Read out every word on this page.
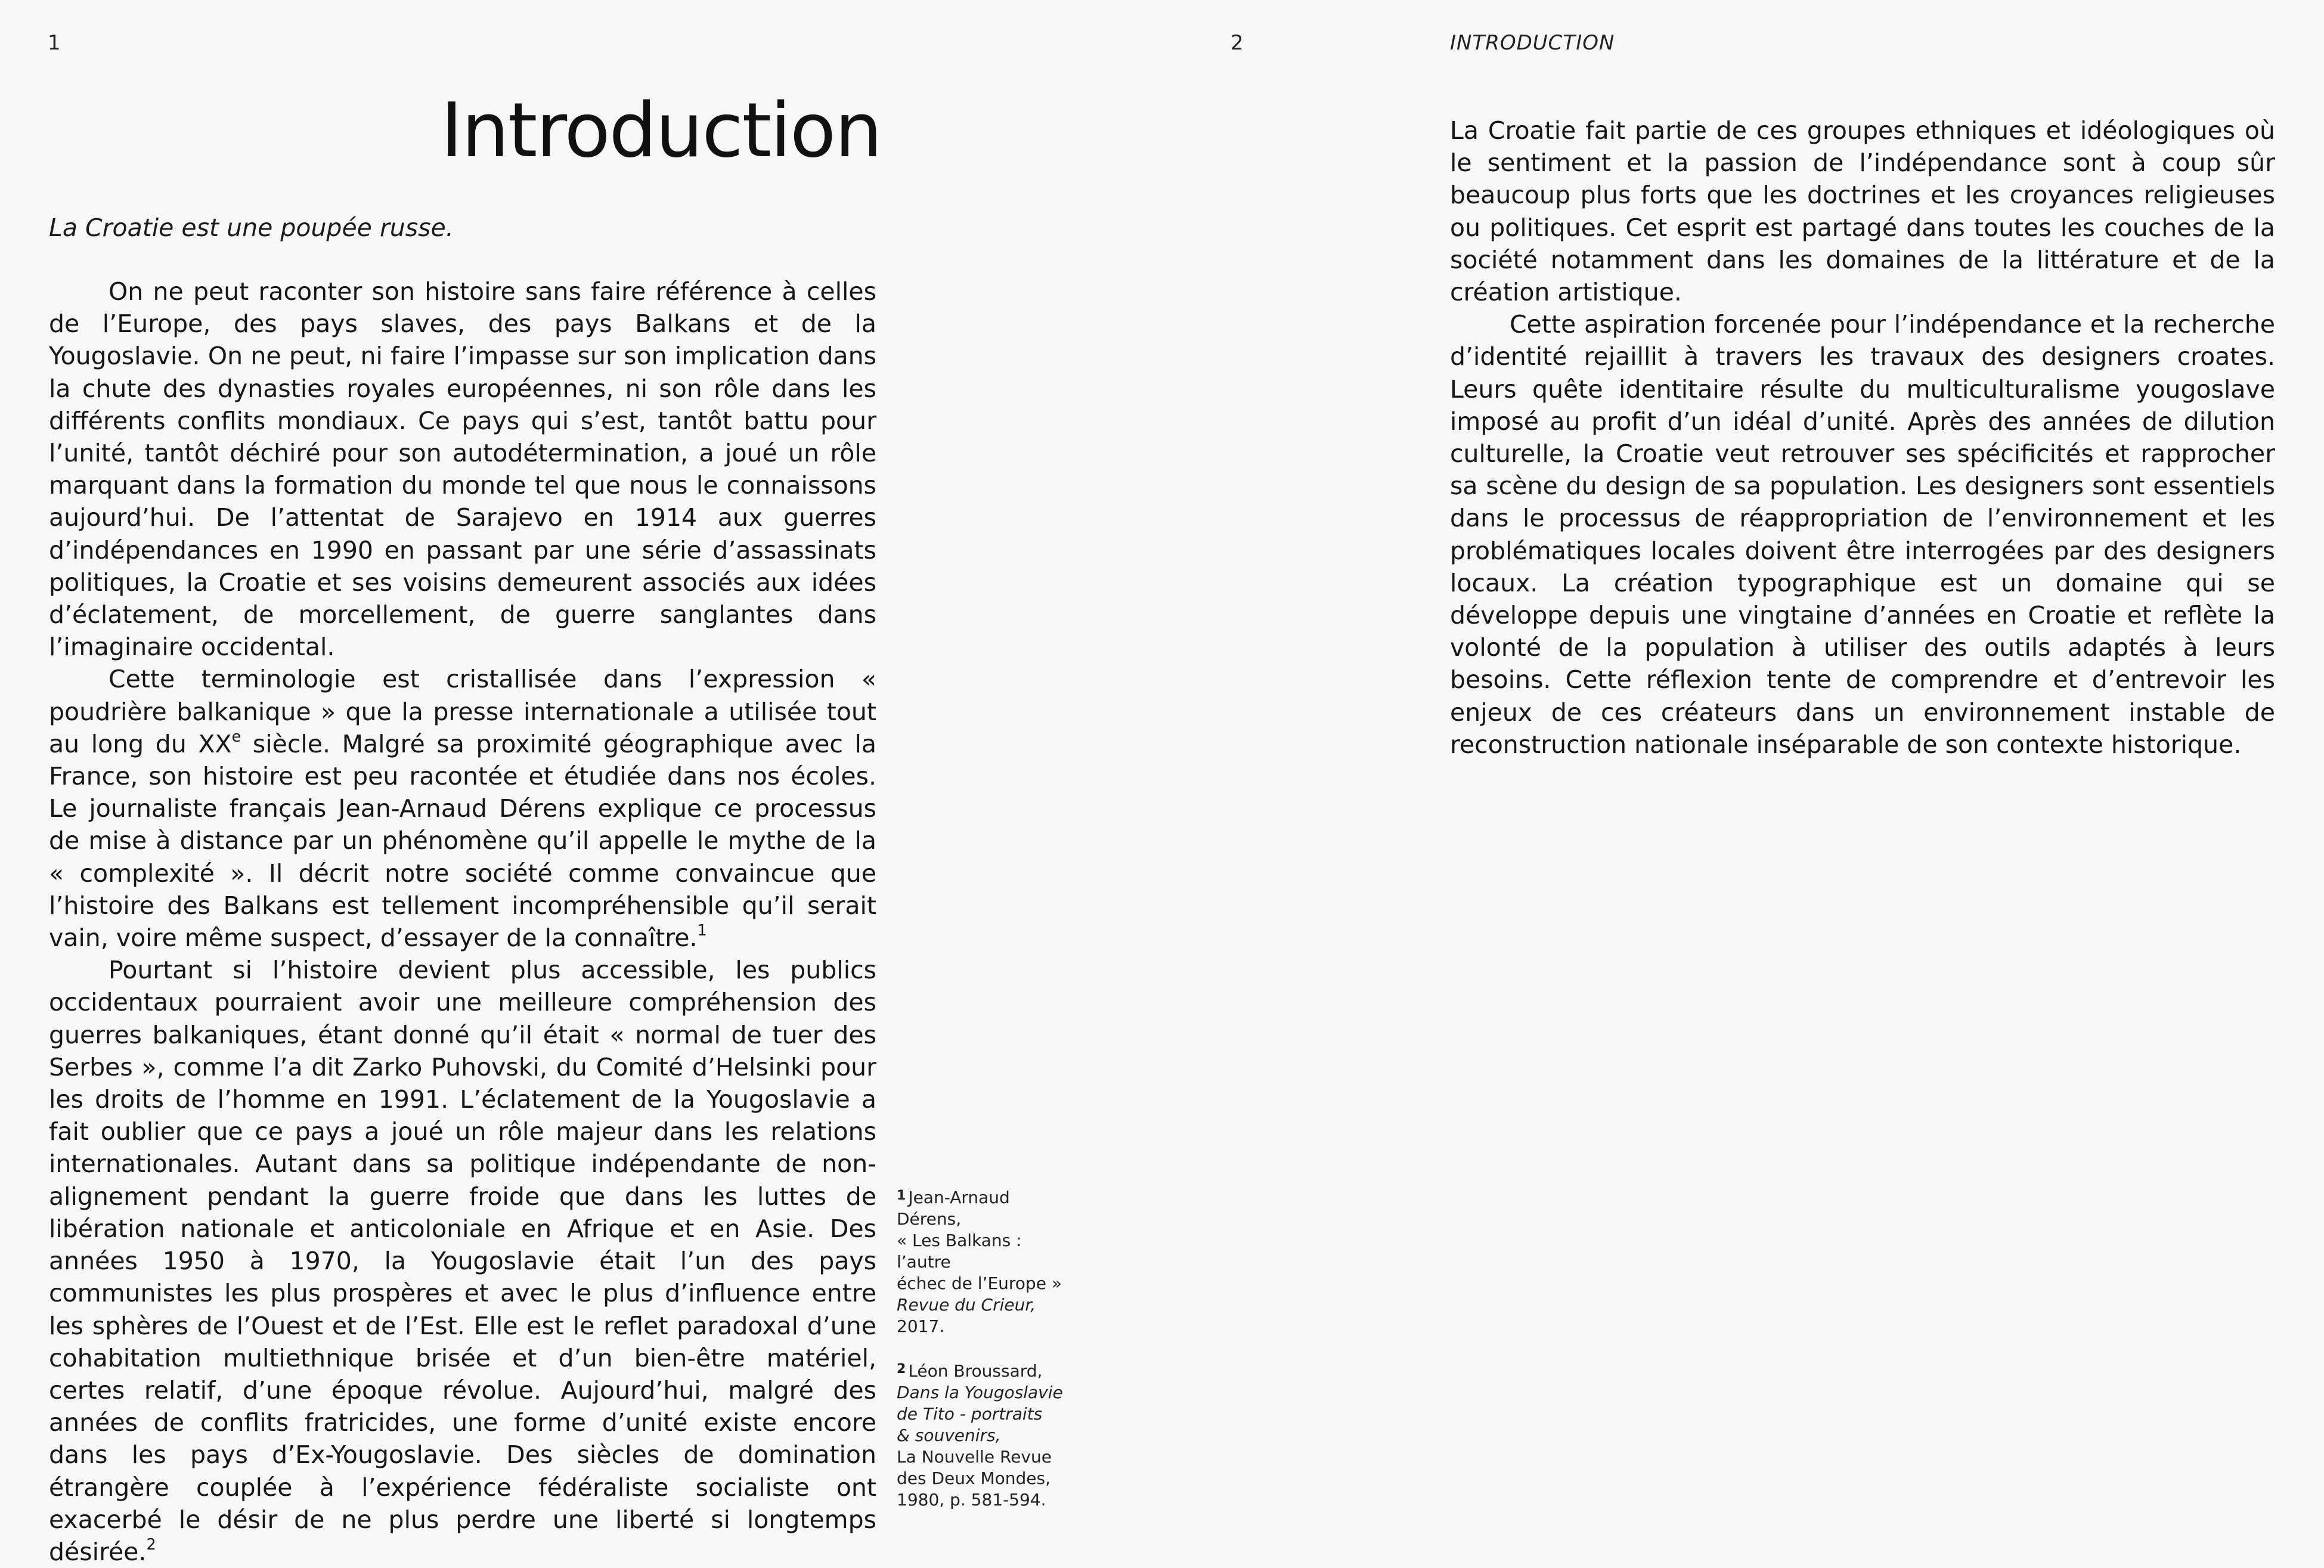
1
Introduction
La Croatie est une poupée russe.

On ne peut raconter son histoire sans faire référence à celles de l’Europe, des pays slaves, des pays Balkans et de la Yougoslavie. On ne peut, ni faire l’impasse sur son implication dans la chute des dynasties royales européennes, ni son rôle dans les différents conflits mondiaux. Ce pays qui s’est, tantôt battu pour l’unité, tantôt déchiré pour son autodétermination, a joué un rôle marquant dans la formation du monde tel que nous le connaissons aujourd’hui. De l’attentat de Sarajevo en 1914 aux guerres d’indépendances en 1990 en passant par une série d’assassinats politiques, la Croatie et ses voisins demeurent associés aux idées d’éclatement, de morcellement, de guerre sanglantes dans l’imaginaire occidental.

Cette terminologie est cristallisée dans l’expression « poudrière balkanique » que la presse internationale a utilisée tout au long du XXe siècle. Malgré sa proximité géographique avec la France, son histoire est peu racontée et étudiée dans nos écoles. Le journaliste français Jean-Arnaud Dérens explique ce processus de mise à distance par un phénomène qu’il appelle le mythe de la « complexité ». Il décrit notre société comme convaincue que l’histoire des Balkans est tellement incompréhensible qu’il serait vain, voire même suspect, d’essayer de la connaître.$^1$

Pourtant si l’histoire devient plus accessible, les publics occidentaux pourraient avoir une meilleure compréhension des guerres balkaniques, étant donné qu’il était « normal de tuer des Serbes », comme l’a dit Zarko Puhovski, du Comité d’Helsinki pour les droits de l’homme en 1991. L’éclatement de la Yougoslavie a fait oublier que ce pays a joué un rôle majeur dans les relations internationales. Autant dans sa politique indépendante de non-alignement pendant la guerre froide que dans les luttes de libération nationale et anticoloniale en Afrique et en Asie. Des années 1950 à 1970, la Yougoslavie était l’un des pays communistes les plus prospères et avec le plus d’influence entre les sphères de l’Ouest et de l’Est. Elle est le reflet paradoxal d’une cohabitation multiethnique brisée et d’un bien-être matériel, certes relatif, d’une époque révolue. Aujourd’hui, malgré des années de conflits fratricides, une forme d’unité existe encore dans les pays d’Ex-Yougoslavie. Des siècles de domination étrangère couplée à l’expérience fédéraliste socialiste ont exacerbé le désir de ne plus perdre une liberté si longtemps désirée.$^2$

$^1$ Jean-Arnaud Dérens,
« Les Balkans : l’autre
échec de l’Europe »
Revue du Crieur,
2017.
$^2$ Léon Broussard,
Dans la Yougoslavie
de Tito - portraits
& souvenirs,
La Nouvelle Revue
des Deux Mondes,
1980, p. 581-594.
2	INTRODUCTION

La Croatie fait partie de ces groupes ethniques et idéologiques où le sentiment et la passion de l’indépendance sont à coup sûr beaucoup plus forts que les doctrines et les croyances religieuses ou politiques. Cet esprit est partagé dans toutes les couches de la société notamment dans les domaines de la littérature et de la création artistique.

Cette aspiration forcenée pour l’indépendance et la recherche d’identité rejaillit à travers les travaux des designers croates. Leurs quête identitaire résulte du multiculturalisme yougoslave imposé au profit d’un idéal d’unité. Après des années de dilution culturelle, la Croatie veut retrouver ses spécificités et rapprocher sa scène du design de sa population. Les designers sont essentiels dans le processus de réappropriation de l’environnement et les problématiques locales doivent être interrogées par des designers locaux. La création typographique est un domaine qui se développe depuis une vingtaine d’années en Croatie et reflète la volonté de la population à utiliser des outils adaptés à leurs besoins. Cette réflexion tente de comprendre et d’entrevoir les enjeux de ces créateurs dans un environnement instable de reconstruction nationale inséparable de son contexte historique.
